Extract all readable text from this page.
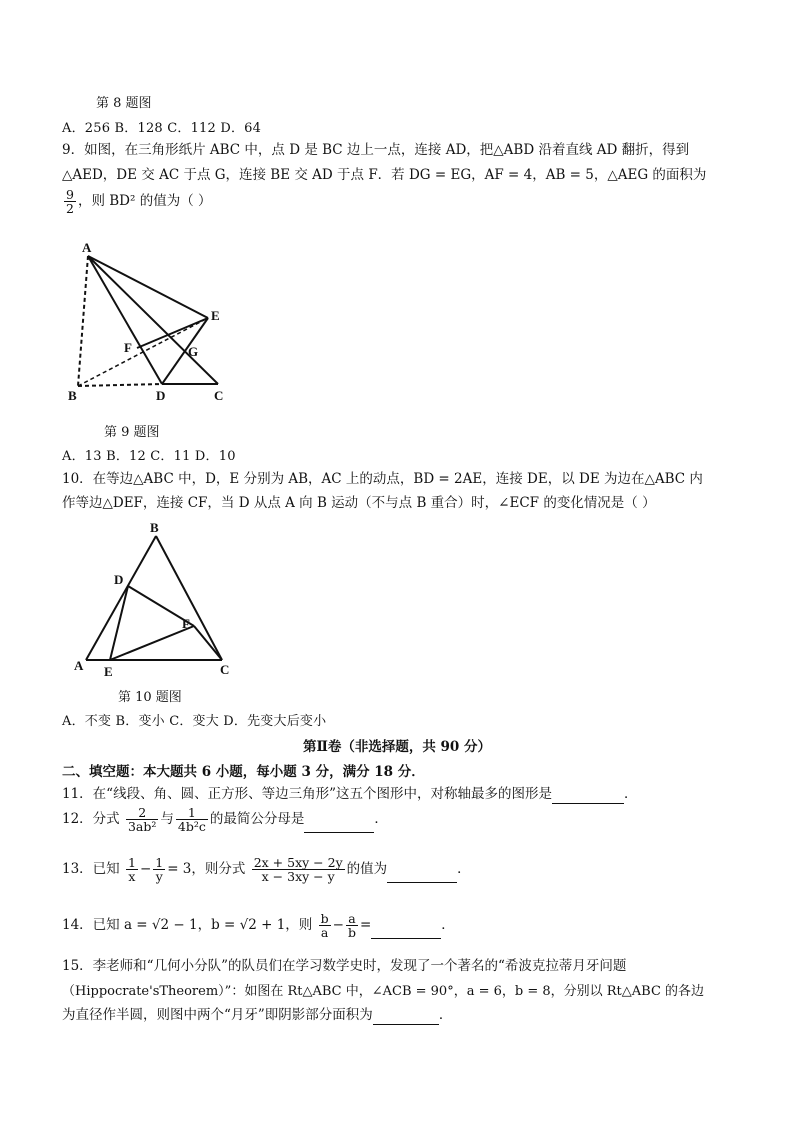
第 8 题图
A．256 B．128 C．112 D．64
9．如图，在三角形纸片 ABC 中，点 D 是 BC 边上一点，连接 AD，把△ABD 沿着直线 AD 翻折，得到
△AED，DE 交 AC 于点 G，连接 BE 交 AD 于点 F．若 DG = EG，AF = 4，AB = 5，△AEG 的面积为
$\frac{9}{2}$ ，则 BD² 的值为（ ）
A
B	C
D
E
F	G
第 9 题图
A．13 B．12 C．11 D．10
10．在等边△ABC 中，D，E 分别为 AB，AC 上的动点，BD = 2AE，连接 DE，以 DE 为边在△ABC 内
作等边△DEF，连接 CF，当 D 从点 A 向 B 运动（不与点 B 重合）时，∠ECF 的变化情况是（ ）
B
D
F
A E	C
第 10 题图
A．不变 B．变小 C．变大 D．先变大后变小
第Ⅱ卷（非选择题，共 90 分）
二、填空题：本大题共 6 小题，每小题 3 分，满分 18 分．
11．在“线段、角、圆、正方形、等边三角形”这五个图形中，对称轴最多的图形是	．
12．分式 $\frac{2}{\text{3ab²}}$ 与 $\frac{1}{\text{4b²c}}$ 的最简公分母是	．
13．已知 $\frac{1}{x} - \frac{1}{y} = 3$，则分式 $\frac{2x + 5xy - 2y}{x - 3xy - y}$ 的值为	．
14．已知 a = √2 − 1，b = √2 + 1，则 $\frac{b}{a} - \frac{a}{b}$ =	．
15．李老师和“几何小分队”的队员们在学习数学史时，发现了一个著名的“希波克拉蒂月牙问题
（Hippocrate'sTheorem）”：如图在 Rt△ABC 中，∠ACB = 90°，a = 6，b = 8，分别以 Rt△ABC 的各边
为直径作半圆，则图中两个“月牙”即阴影部分面积为	．
